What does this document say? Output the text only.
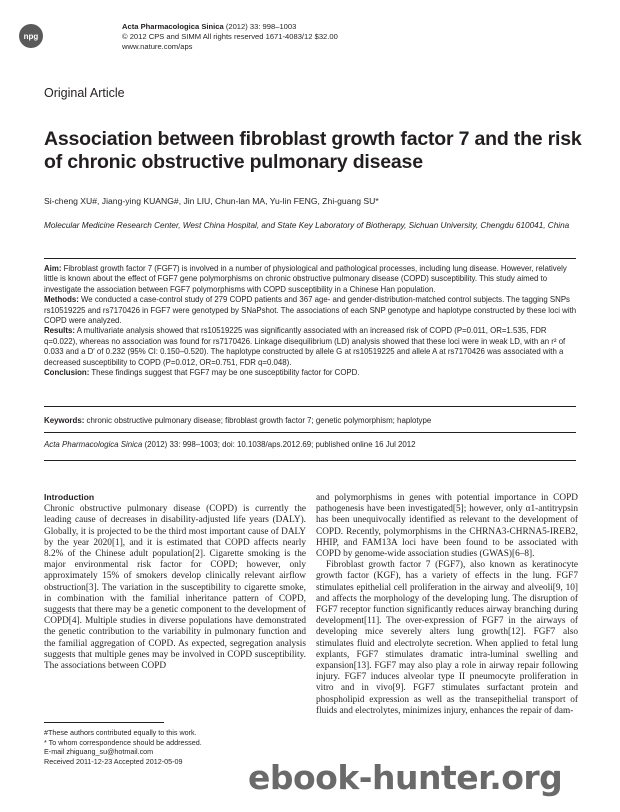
npg
Acta Pharmacologica Sinica (2012) 33: 998–1003
© 2012 CPS and SIMM All rights reserved 1671-4083/12 $32.00
www.nature.com/aps
Original Article
Association between fibroblast growth factor 7 and the risk of chronic obstructive pulmonary disease
Si-cheng XU#, Jiang-ying KUANG#, Jin LIU, Chun-lan MA, Yu-lin FENG, Zhi-guang SU*
Molecular Medicine Research Center, West China Hospital, and State Key Laboratory of Biotherapy, Sichuan University, Chengdu 610041, China

Aim: Fibroblast growth factor 7 (FGF7) is involved in a number of physiological and pathological processes, including lung disease. However, relatively little is known about the effect of FGF7 gene polymorphisms on chronic obstructive pulmonary disease (COPD) susceptibility. This study aimed to investigate the association between FGF7 polymorphisms with COPD susceptibility in a Chinese Han population.

Methods: We conducted a case-control study of 279 COPD patients and 367 age- and gender-distribution-matched control subjects. The tagging SNPs rs10519225 and rs7170426 in FGF7 were genotyped by SNaPshot. The associations of each SNP genotype and haplotype constructed by these loci with COPD were analyzed.

Results: A multivariate analysis showed that rs10519225 was significantly associated with an increased risk of COPD (P=0.011, OR=1.535, FDR q=0.022), whereas no association was found for rs7170426. Linkage disequilibrium (LD) analysis showed that these loci were in weak LD, with an r² of 0.033 and a D′ of 0.232 (95% CI: 0.150–0.520). The haplotype constructed by allele G at rs10519225 and allele A at rs7170426 was associated with a decreased susceptibility to COPD (P=0.012, OR=0.751, FDR q=0.048).

Conclusion: These findings suggest that FGF7 may be one susceptibility factor for COPD.

Keywords: chronic obstructive pulmonary disease; fibroblast growth factor 7; genetic polymorphism; haplotype
Acta Pharmacologica Sinica (2012) 33: 998–1003; doi: 10.1038/aps.2012.69; published online 16 Jul 2012
Introduction

Chronic obstructive pulmonary disease (COPD) is currently the leading cause of decreases in disability-adjusted life years (DALY). Globally, it is projected to be the third most important cause of DALY by the year 2020[1], and it is estimated that COPD affects nearly 8.2% of the Chinese adult population[2]. Cigarette smoking is the major environmental risk factor for COPD; however, only approximately 15% of smokers develop clinically relevant airflow obstruction[3]. The variation in the susceptibility to cigarette smoke, in combination with the familial inheritance pattern of COPD, suggests that there may be a genetic component to the development of COPD[4]. Multiple studies in diverse populations have demonstrated the genetic contribution to the variability in pulmonary function and the familial aggregation of COPD. As expected, segregation analysis suggests that multiple genes may be involved in COPD susceptibility. The associations between COPD

and polymorphisms in genes with potential importance in COPD pathogenesis have been investigated[5]; however, only α1-antitrypsin has been unequivocally identified as relevant to the development of COPD. Recently, polymorphisms in the CHRNA3-CHRNA5-IREB2, HHIP, and FAM13A loci have been found to be associated with COPD by genome-wide association studies (GWAS)[6–8].

Fibroblast growth factor 7 (FGF7), also known as keratinocyte growth factor (KGF), has a variety of effects in the lung. FGF7 stimulates epithelial cell proliferation in the airway and alveoli[9, 10] and affects the morphology of the developing lung. The disruption of FGF7 receptor function significantly reduces airway branching during development[11]. The over-expression of FGF7 in the airways of developing mice severely alters lung growth[12]. FGF7 also stimulates fluid and electrolyte secretion. When applied to fetal lung explants, FGF7 stimulates dramatic intra-luminal swelling and expansion[13]. FGF7 may also play a role in airway repair following injury. FGF7 induces alveolar type II pneumocyte proliferation in vitro and in vivo[9]. FGF7 stimulates surfactant protein and phospholipid expression as well as the transepithelial transport of fluids and electrolytes, minimizes injury, enhances the repair of dam-

#These authors contributed equally to this work.
* To whom correspondence should be addressed.
E-mail zhiguang_su@hotmail.com
Received 2011-12-23 Accepted 2012-05-09	ebook-hunter.org
